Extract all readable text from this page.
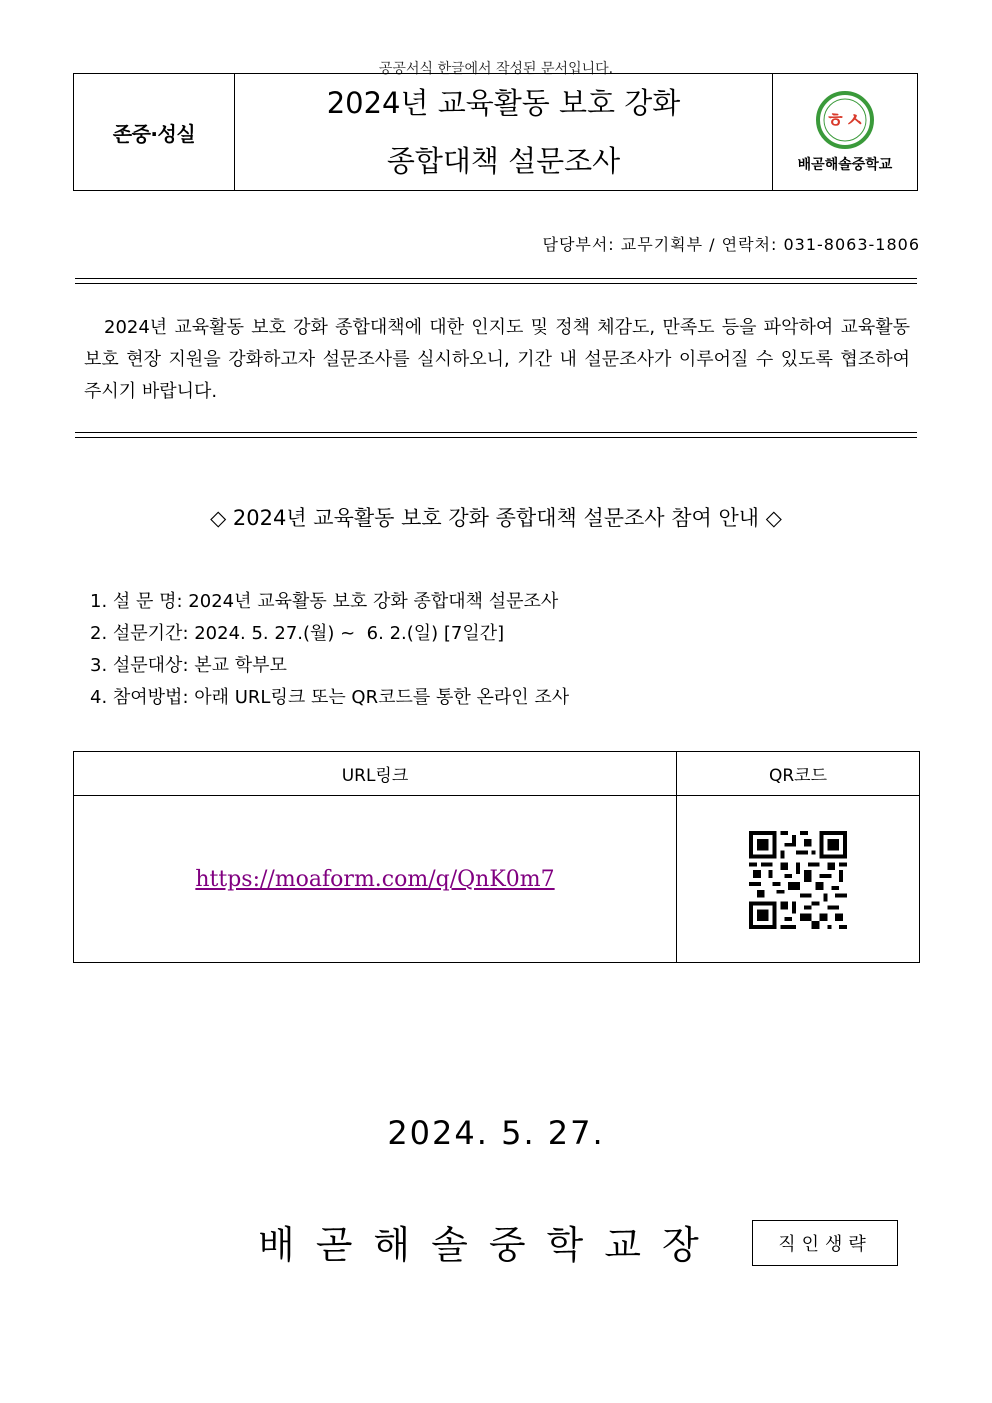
공공서식 한글에서 작성된 문서입니다.
존중·성실
2024년 교육활동 보호 강화
종합대책 설문조사
ㅎㅅ
배곧해솔중학교
담당부서: 교무기획부 / 연락처: 031-8063-1806
2024년 교육활동 보호 강화 종합대책에 대한 인지도 및 정책 체감도, 만족도 등을 파악하여 교육활동 보호 현장 지원을 강화하고자 설문조사를 실시하오니, 기간 내 설문조사가 이루어질 수 있도록 협조하여 주시기 바랍니다.
◇ 2024년 교육활동 보호 강화 종합대책 설문조사 참여 안내 ◇
1. 설 문 명: 2024년 교육활동 보호 강화 종합대책 설문조사
2. 설문기간: 2024. 5. 27.(월) ~  6. 2.(일) [7일간]
3. 설문대상: 본교 학부모
4. 참여방법: 아래 URL링크 또는 QR코드를 통한 온라인 조사
URL링크	QR코드
https://moaform.com/q/QnK0m7
2024. 5. 27.
배곧해솔중학교장	직인생략
